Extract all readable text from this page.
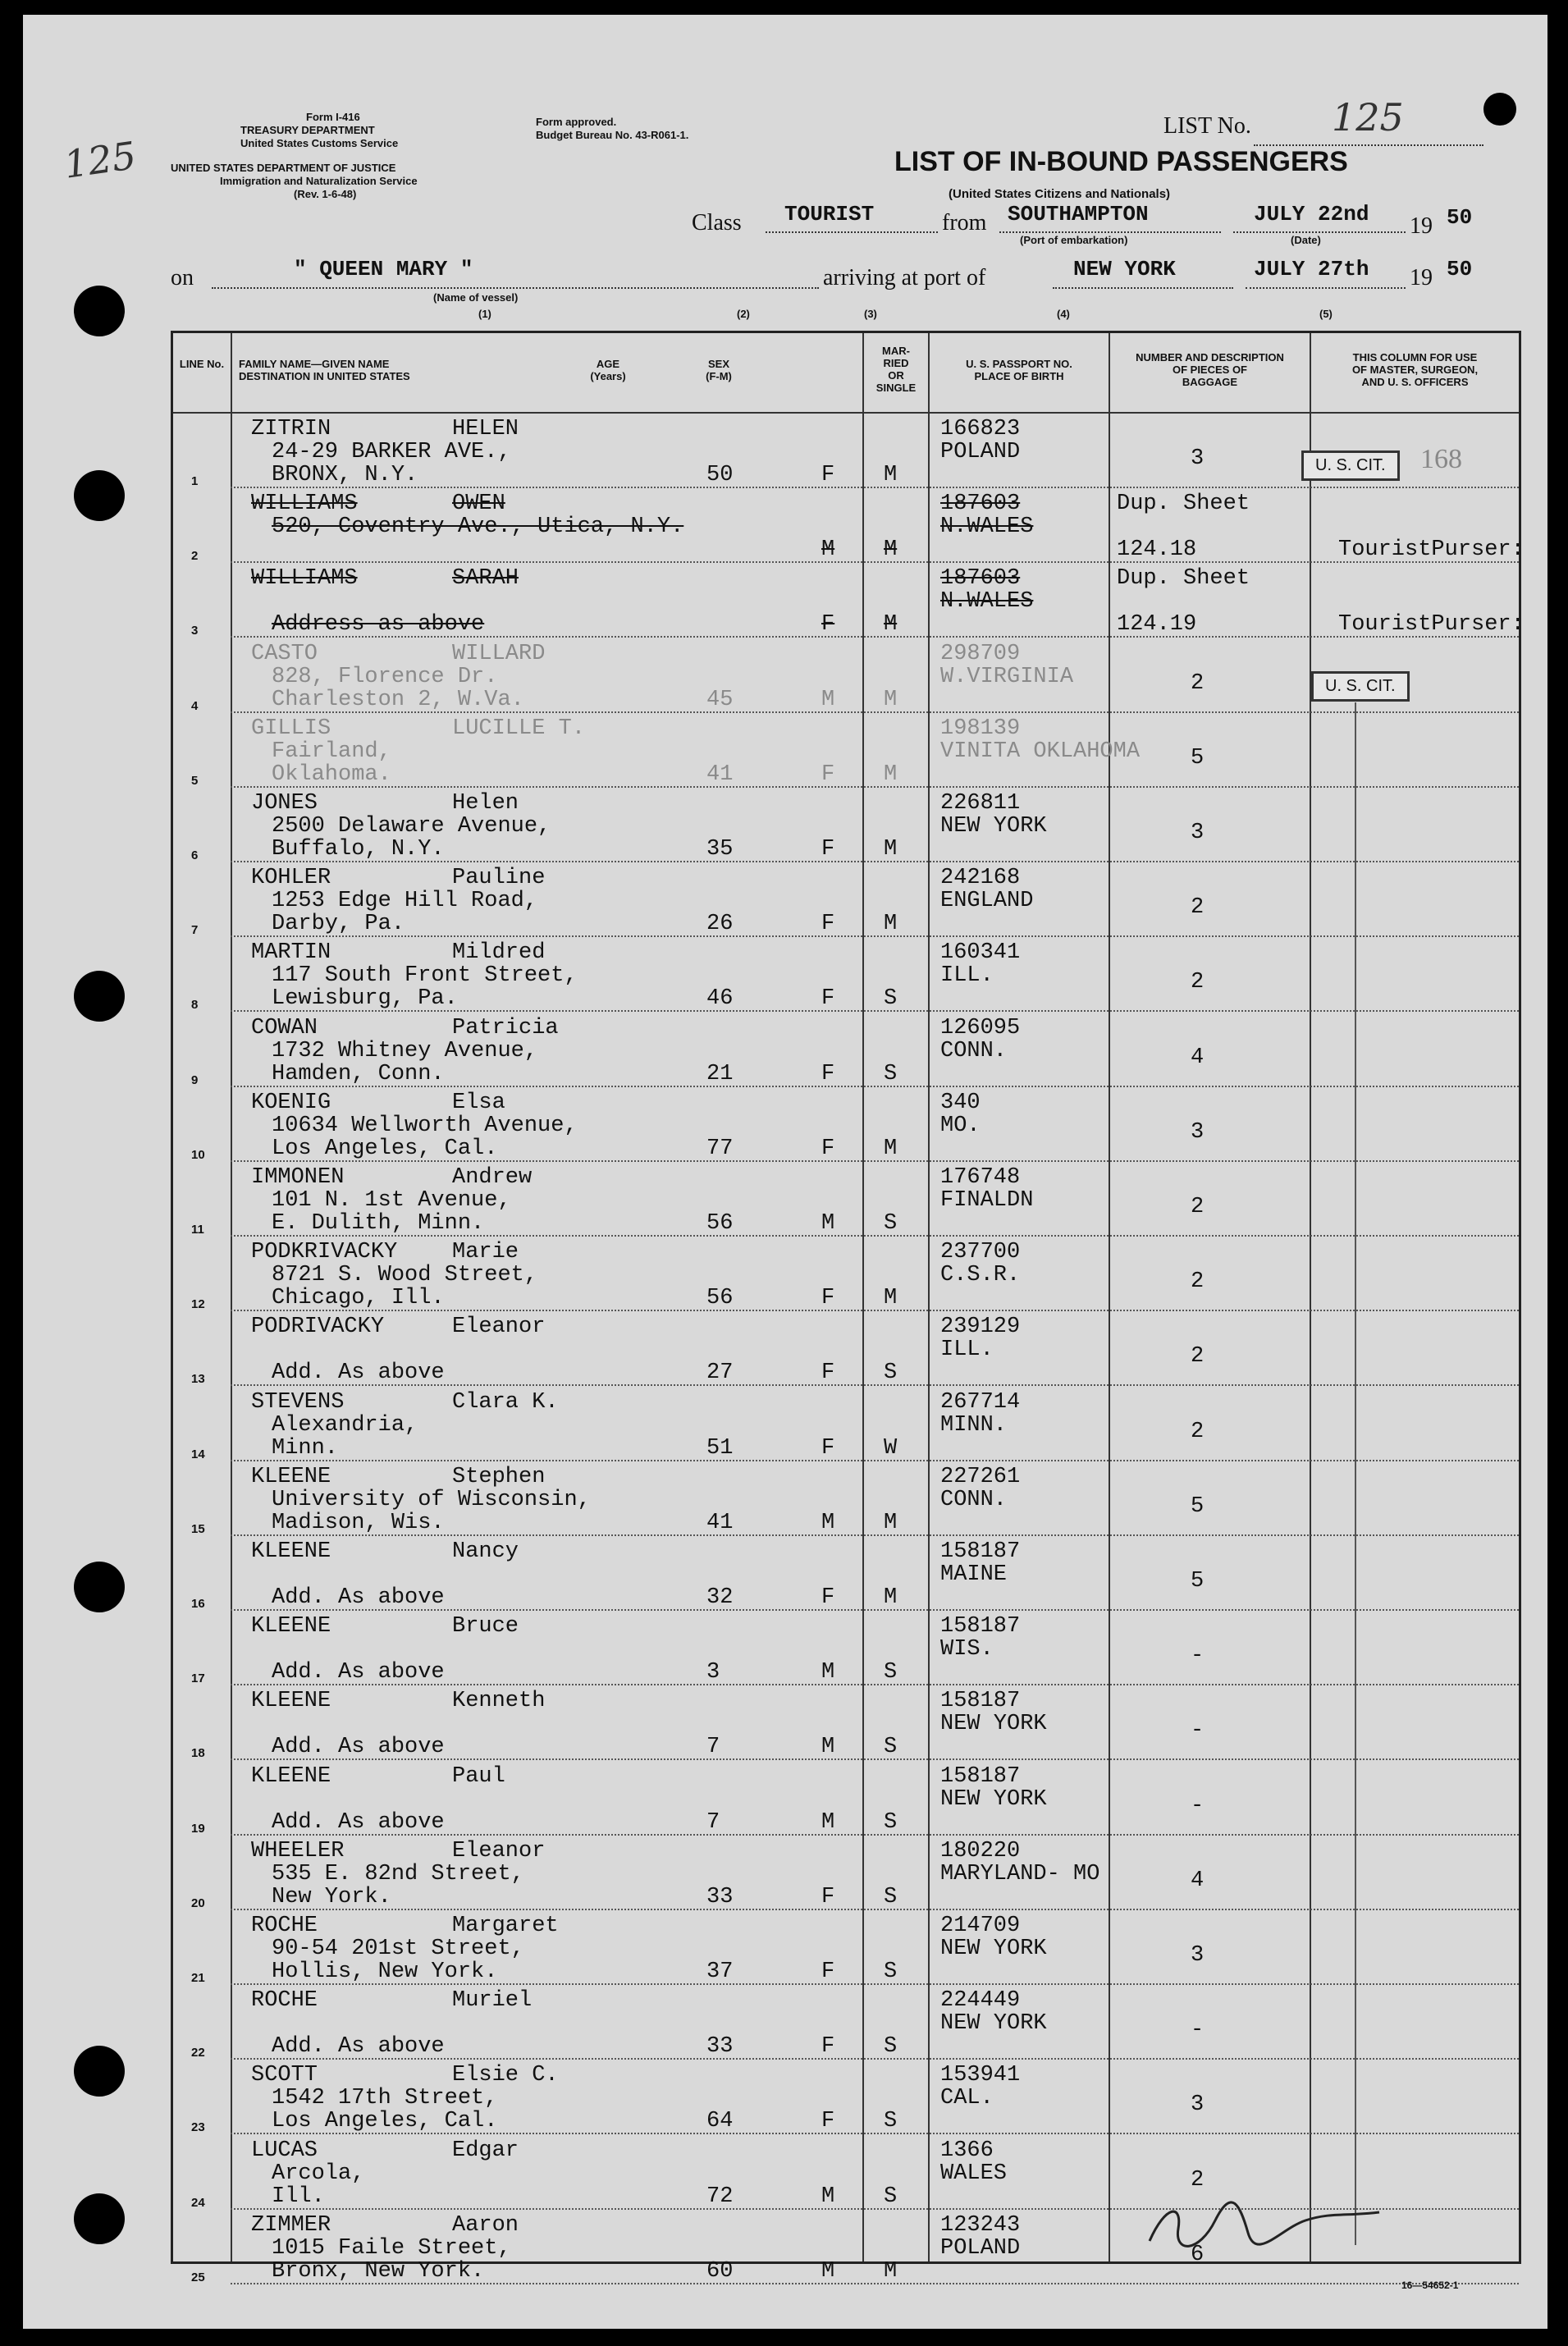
125
Form I-416
TREASURY DEPARTMENT
United States Customs Service
UNITED STATES DEPARTMENT OF JUSTICE
Immigration and Naturalization Service
(Rev. 1-6-48)
Form approved.
Budget Bureau No. 43-R061-1.	LIST No. 125
LIST OF IN-BOUND PASSENGERS
(United States Citizens and Nationals)
Class TOURIST	from SOUTHAMPTON
(Port of embarkation)
JULY 22nd
(Date)
19 50
on	" QUEEN MARY "
(Name of vessel)
arriving at port of	NEW YORK	JULY 27th 19 50
(1)	(2)	(3)	(4)	(5)
LINE No.	FAMILY NAME—GIVEN NAME
DESTINATION IN UNITED STATES
AGE
(Years)
SEX
(F-M)
MAR-
RIED
OR
SINGLE
U. S. PASSPORT NO.
PLACE OF BIRTH
NUMBER AND DESCRIPTION
OF PIECES OF
BAGGAGE
THIS COLUMN FOR USE
OF MASTER, SURGEON,
AND U. S. OFFICERS
1
ZITRIN	HELEN
24-29 BARKER AVE.,
BRONX, N.Y.	50	F M
166823
POLAND	3
2
WILLIAMS	OWEN
520, Coventry Ave., Utica, N.Y.
M M
187603
N.WALES
Dup. Sheet
124.18	TouristPurser:
3
WILLIAMS	SARAH
Address as above	F M
187603
N.WALES
Dup. Sheet
124.19	TouristPurser:
4
CASTO	WILLARD
828, Florence Dr.
Charleston 2, W.Va.	45	M M
298709
W.VIRGINIA	2
5
GILLIS	LUCILLE T.
Fairland,
Oklahoma.	41	F M
198139
VINITA OKLAHOMA 5
6
JONES	Helen
2500 Delaware Avenue,
Buffalo, N.Y.	35	F M
226811
NEW YORK	3
7
KOHLER	Pauline
1253 Edge Hill Road,
Darby, Pa.	26	F M
242168
ENGLAND	2
8
MARTIN	Mildred
117 South Front Street,
Lewisburg, Pa.	46	F S
160341
ILL.	2
9
COWAN	Patricia
1732 Whitney Avenue,
Hamden, Conn.	21	F S
126095
CONN.	4
10
KOENIG	Elsa
10634 Wellworth Avenue,
Los Angeles, Cal.	77	F M
340
MO.	3
11
IMMONEN	Andrew
101 N. 1st Avenue,
E. Dulith, Minn.	56	M S
176748
FINALDN	2
12
PODKRIVACKY Marie
8721 S. Wood Street,
Chicago, Ill.	56	F M
237700
C.S.R.	2
13
PODRIVACKY	Eleanor
Add. As above	27	F S
239129
ILL.	2
14
STEVENS	Clara K.
Alexandria,
Minn.	51	F W
267714
MINN.	2
15
KLEENE	Stephen
University of Wisconsin,
Madison, Wis.	41	M M
227261
CONN.	5
16
KLEENE	Nancy
Add. As above	32	F M
158187
MAINE	5
17
KLEENE	Bruce
Add. As above	3	M S
158187
WIS.	-
18
KLEENE	Kenneth
Add. As above	7	M S
158187
NEW YORK	-
19
KLEENE	Paul
Add. As above	7	M S
158187
NEW YORK	-
20
WHEELER	Eleanor
535 E. 82nd Street,
New York.	33	F S
180220
MARYLAND- MO	4
21
ROCHE	Margaret
90-54 201st Street,
Hollis, New York.	37	F S
214709
NEW YORK	3
22
ROCHE	Muriel
Add. As above	33	F S
224449
NEW YORK	-
23
SCOTT	Elsie C.
1542 17th Street,
Los Angeles, Cal.	64	F S
153941
CAL.	3
24
LUCAS	Edgar
Arcola,
Ill.	72	M S
1366
WALES	2
25
ZIMMER	Aaron
1015 Faile Street,
Bronx, New York.	60	M M
123243
POLAND	6
U. S. CIT.	168
U. S. CIT.
16—54652-1
